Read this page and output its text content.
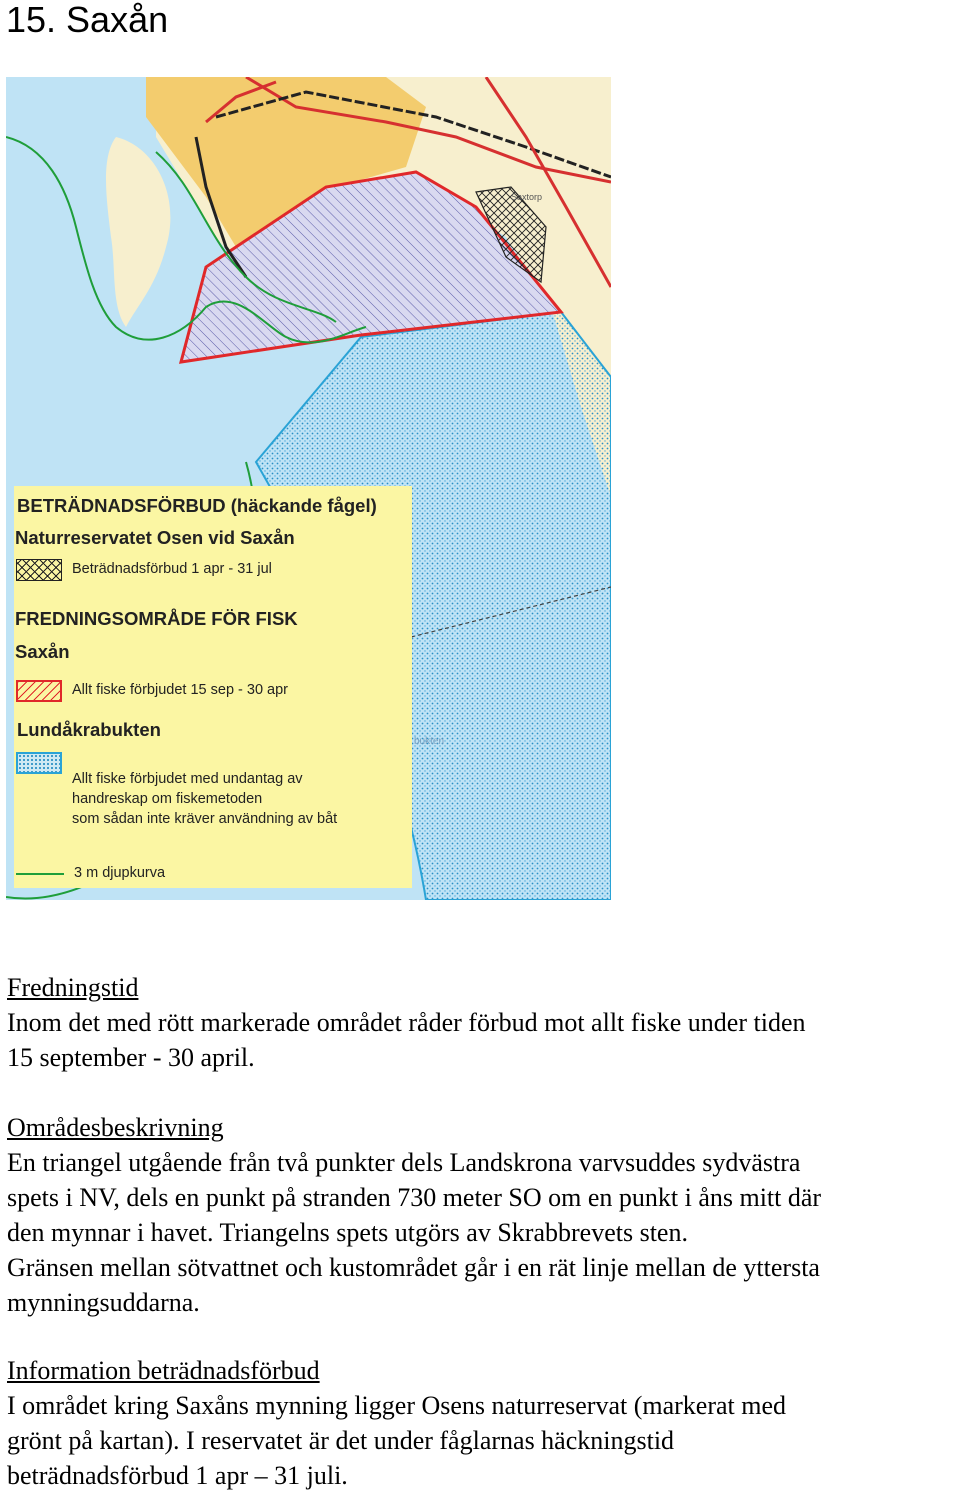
15. Saxån
Saxtorp
bukten
BETRÄDNADSFÖRBUD (häckande fågel)
Naturreservatet Osen vid Saxån
Beträdnadsförbud 1 apr - 31 jul
FREDNINGSOMRÅDE FÖR FISK
Saxån
Allt fiske förbjudet 15 sep - 30 apr
Lundåkrabukten
Allt fiske förbjudet med undantag av
handreskap om fiskemetoden
som sådan inte kräver användning av båt
3 m djupkurva
Fredningstid
Inom det med rött markerade området råder förbud mot allt fiske under tiden
15 september - 30 april.
Områdesbeskrivning
En triangel utgående från två punkter dels Landskrona varvsuddes sydvästra
spets i NV, dels en punkt på stranden 730 meter SO om en punkt i åns mitt där
den mynnar i havet. Triangelns spets utgörs av Skrabbrevets sten.
Gränsen mellan sötvattnet och kustområdet går i en rät linje mellan de yttersta
mynningsuddarna.
Information beträdnadsförbud
I området kring Saxåns mynning ligger Osens naturreservat (markerat med
grönt på kartan). I reservatet är det under fåglarnas häckningstid
beträdnadsförbud 1 apr – 31 juli.
